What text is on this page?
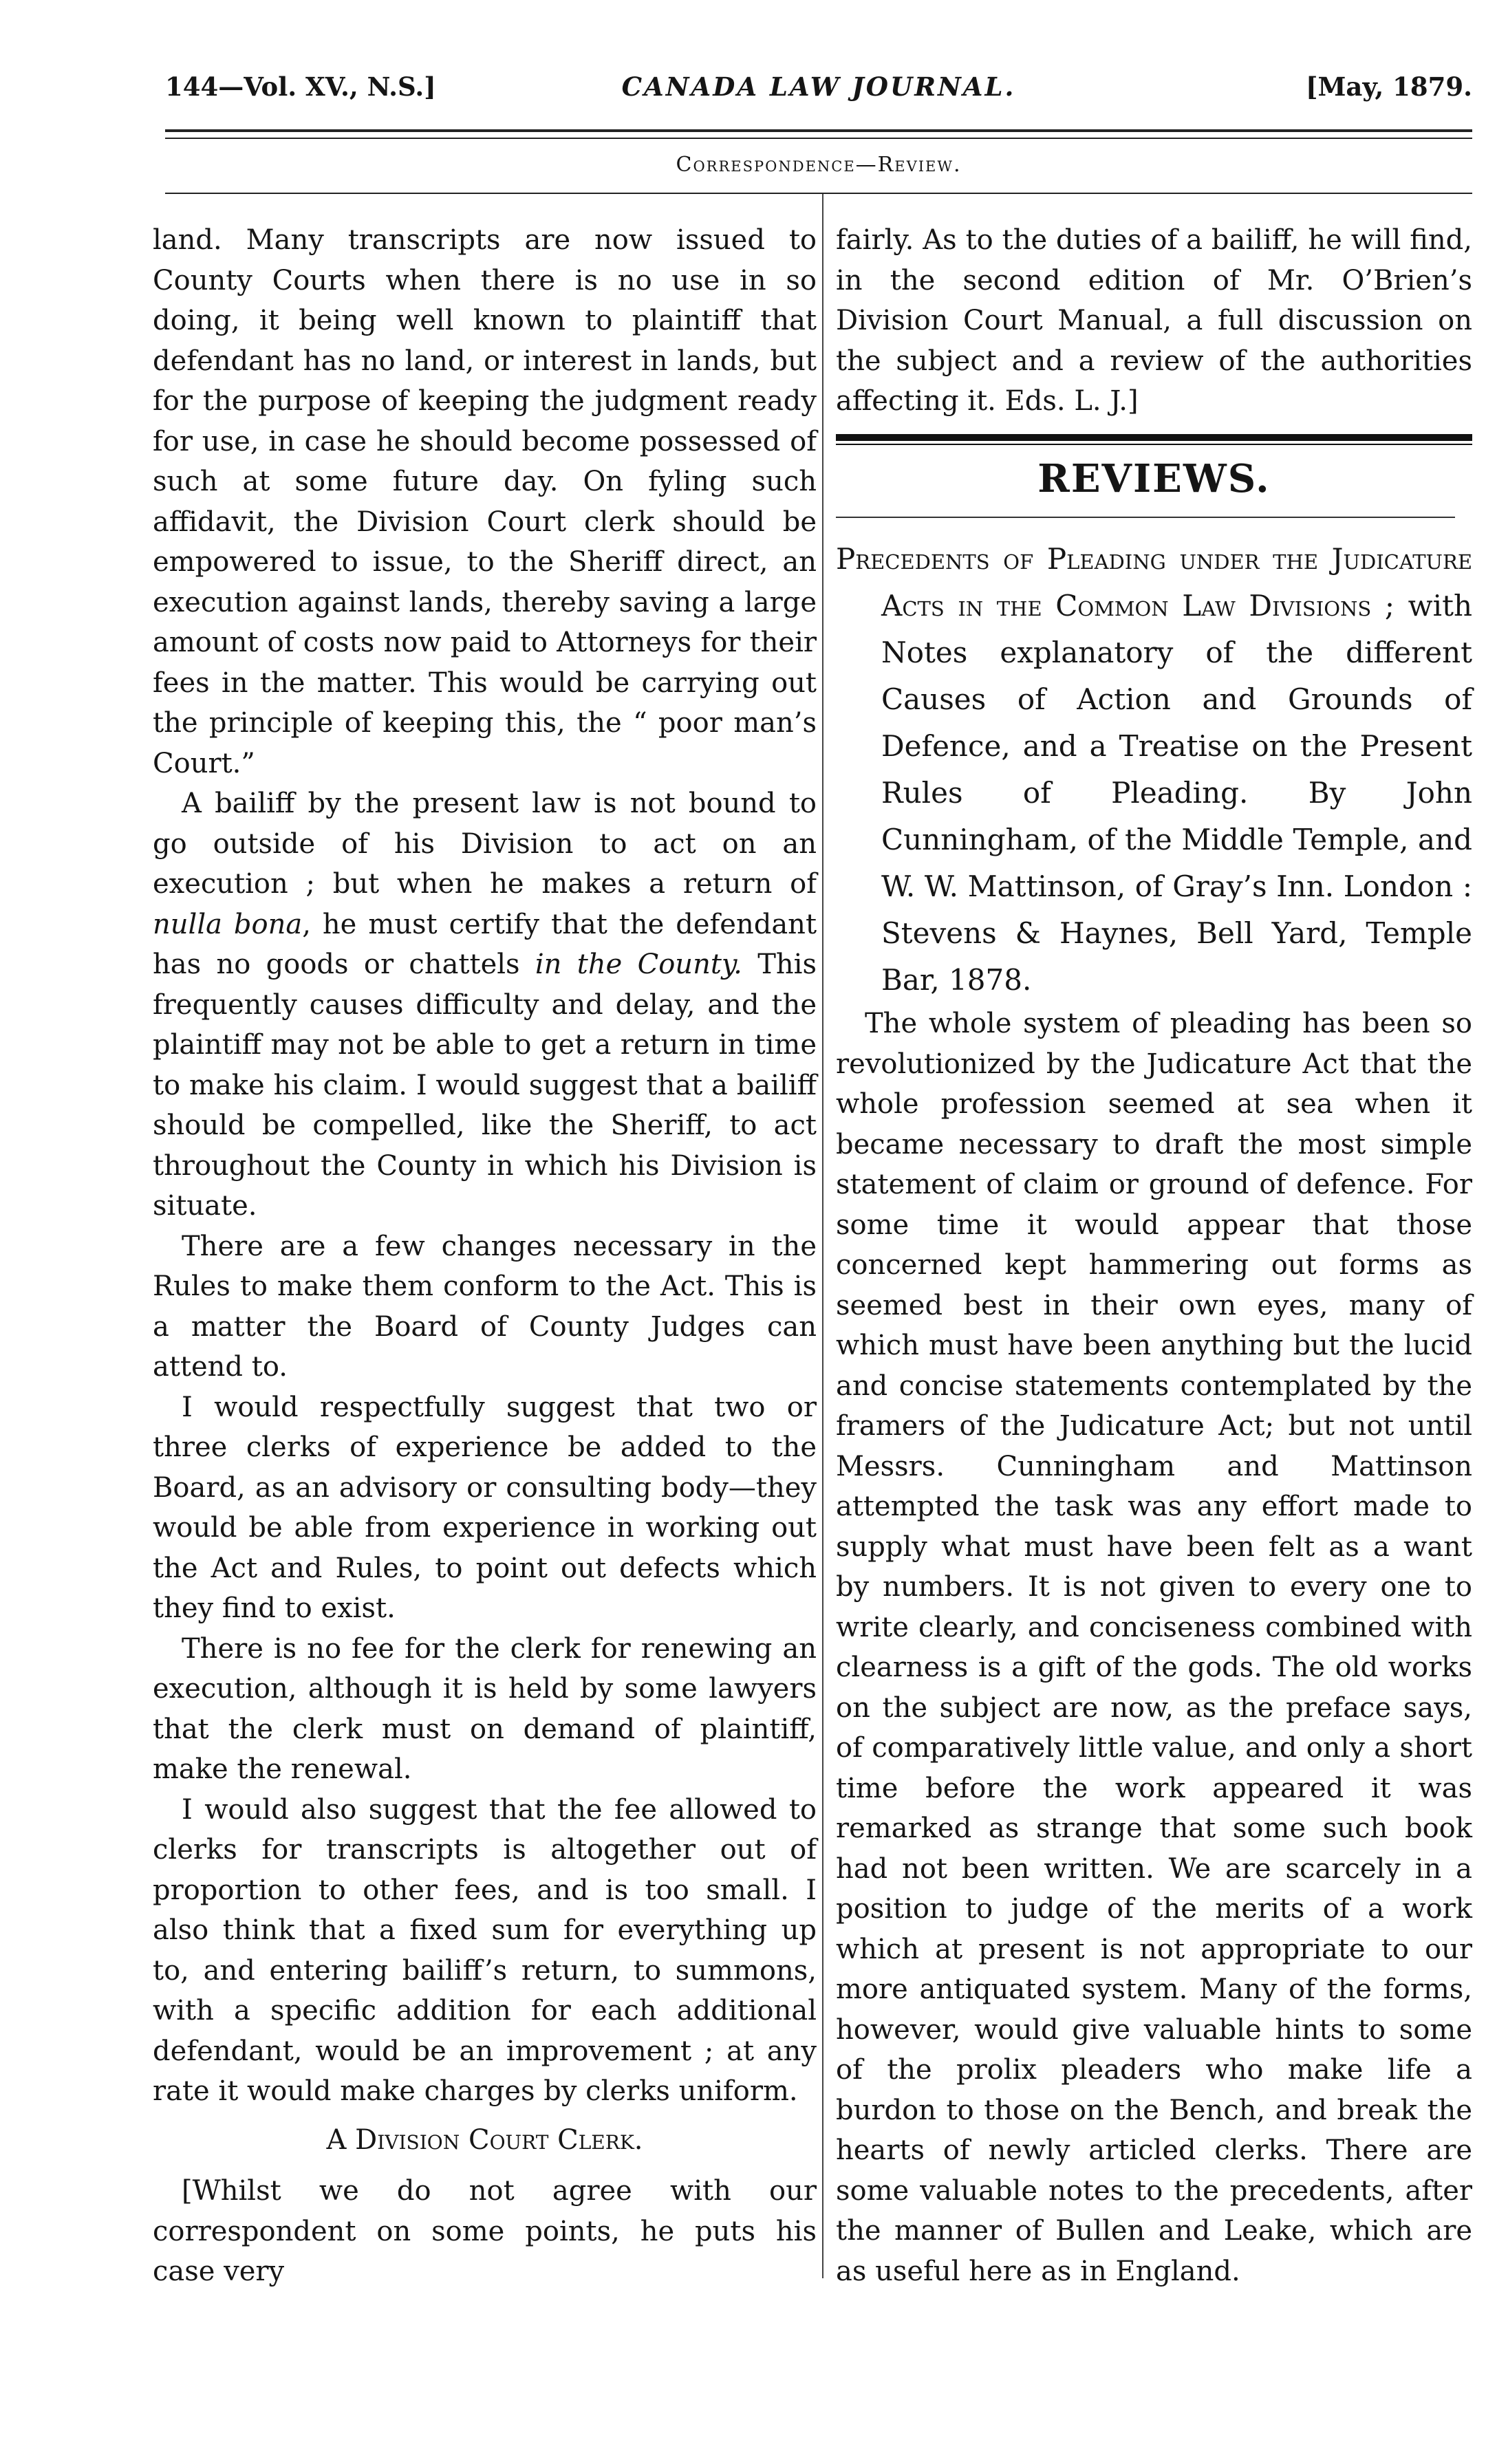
144—Vol. XV., N.S.]	CANADA LAW JOURNAL.	[May, 1879.
Correspondence—Review.

land. Many transcripts are now issued to County Courts when there is no use in so doing, it being well known to plaintiff that defendant has no land, or interest in lands, but for the purpose of keeping the judgment ready for use, in case he should become possessed of such at some future day. On fyling such affidavit, the Division Court clerk should be empowered to issue, to the Sheriff direct, an execution against lands, thereby saving a large amount of costs now paid to Attorneys for their fees in the matter. This would be carrying out the principle of keeping this, the “ poor man’s Court.”

A bailiff by the present law is not bound to go outside of his Division to act on an execution ; but when he makes a return of nulla bona, he must certify that the defendant has no goods or chattels in the County. This frequently causes difficulty and delay, and the plaintiff may not be able to get a return in time to make his claim. I would suggest that a bailiff should be compelled, like the Sheriff, to act throughout the County in which his Division is situate.

There are a few changes necessary in the Rules to make them conform to the Act. This is a matter the Board of County Judges can attend to.

I would respectfully suggest that two or three clerks of experience be added to the Board, as an advisory or consulting body—they would be able from experience in working out the Act and Rules, to point out defects which they find to exist.

There is no fee for the clerk for renewing an execution, although it is held by some lawyers that the clerk must on demand of plaintiff, make the renewal.

I would also suggest that the fee allowed to clerks for transcripts is altogether out of proportion to other fees, and is too small. I also think that a fixed sum for everything up to, and entering bailiff’s return, to summons, with a specific addition for each additional defendant, would be an improvement ; at any rate it would make charges by clerks uniform.

A Division Court Clerk.

[Whilst we do not agree with our correspondent on some points, he puts his case very

fairly. As to the duties of a bailiff, he will find, in the second edition of Mr. O’Brien’s Division Court Manual, a full discussion on the subject and a review of the authorities affecting it. Eds. L. J.]

REVIEWS.

Precedents of Pleading under the Judicature Acts in the Common Law Divisions ; with Notes explanatory of the different Causes of Action and Grounds of Defence, and a Treatise on the Present Rules of Pleading. By John Cunningham, of the Middle Temple, and W. W. Mattinson, of Gray’s Inn. London : Stevens & Haynes, Bell Yard, Temple Bar, 1878.

The whole system of pleading has been so revolutionized by the Judicature Act that the whole profession seemed at sea when it became necessary to draft the most simple statement of claim or ground of defence. For some time it would appear that those concerned kept hammering out forms as seemed best in their own eyes, many of which must have been anything but the lucid and concise statements contemplated by the framers of the Judicature Act; but not until Messrs. Cunningham and Mattinson attempted the task was any effort made to supply what must have been felt as a want by numbers. It is not given to every one to write clearly, and conciseness combined with clearness is a gift of the gods. The old works on the subject are now, as the preface says, of comparatively little value, and only a short time before the work appeared it was remarked as strange that some such book had not been written. We are scarcely in a position to judge of the merits of a work which at present is not appropriate to our more antiquated system. Many of the forms, however, would give valuable hints to some of the prolix pleaders who make life a burdon to those on the Bench, and break the hearts of newly articled clerks. There are some valuable notes to the precedents, after the manner of Bullen and Leake, which are as useful here as in England.
